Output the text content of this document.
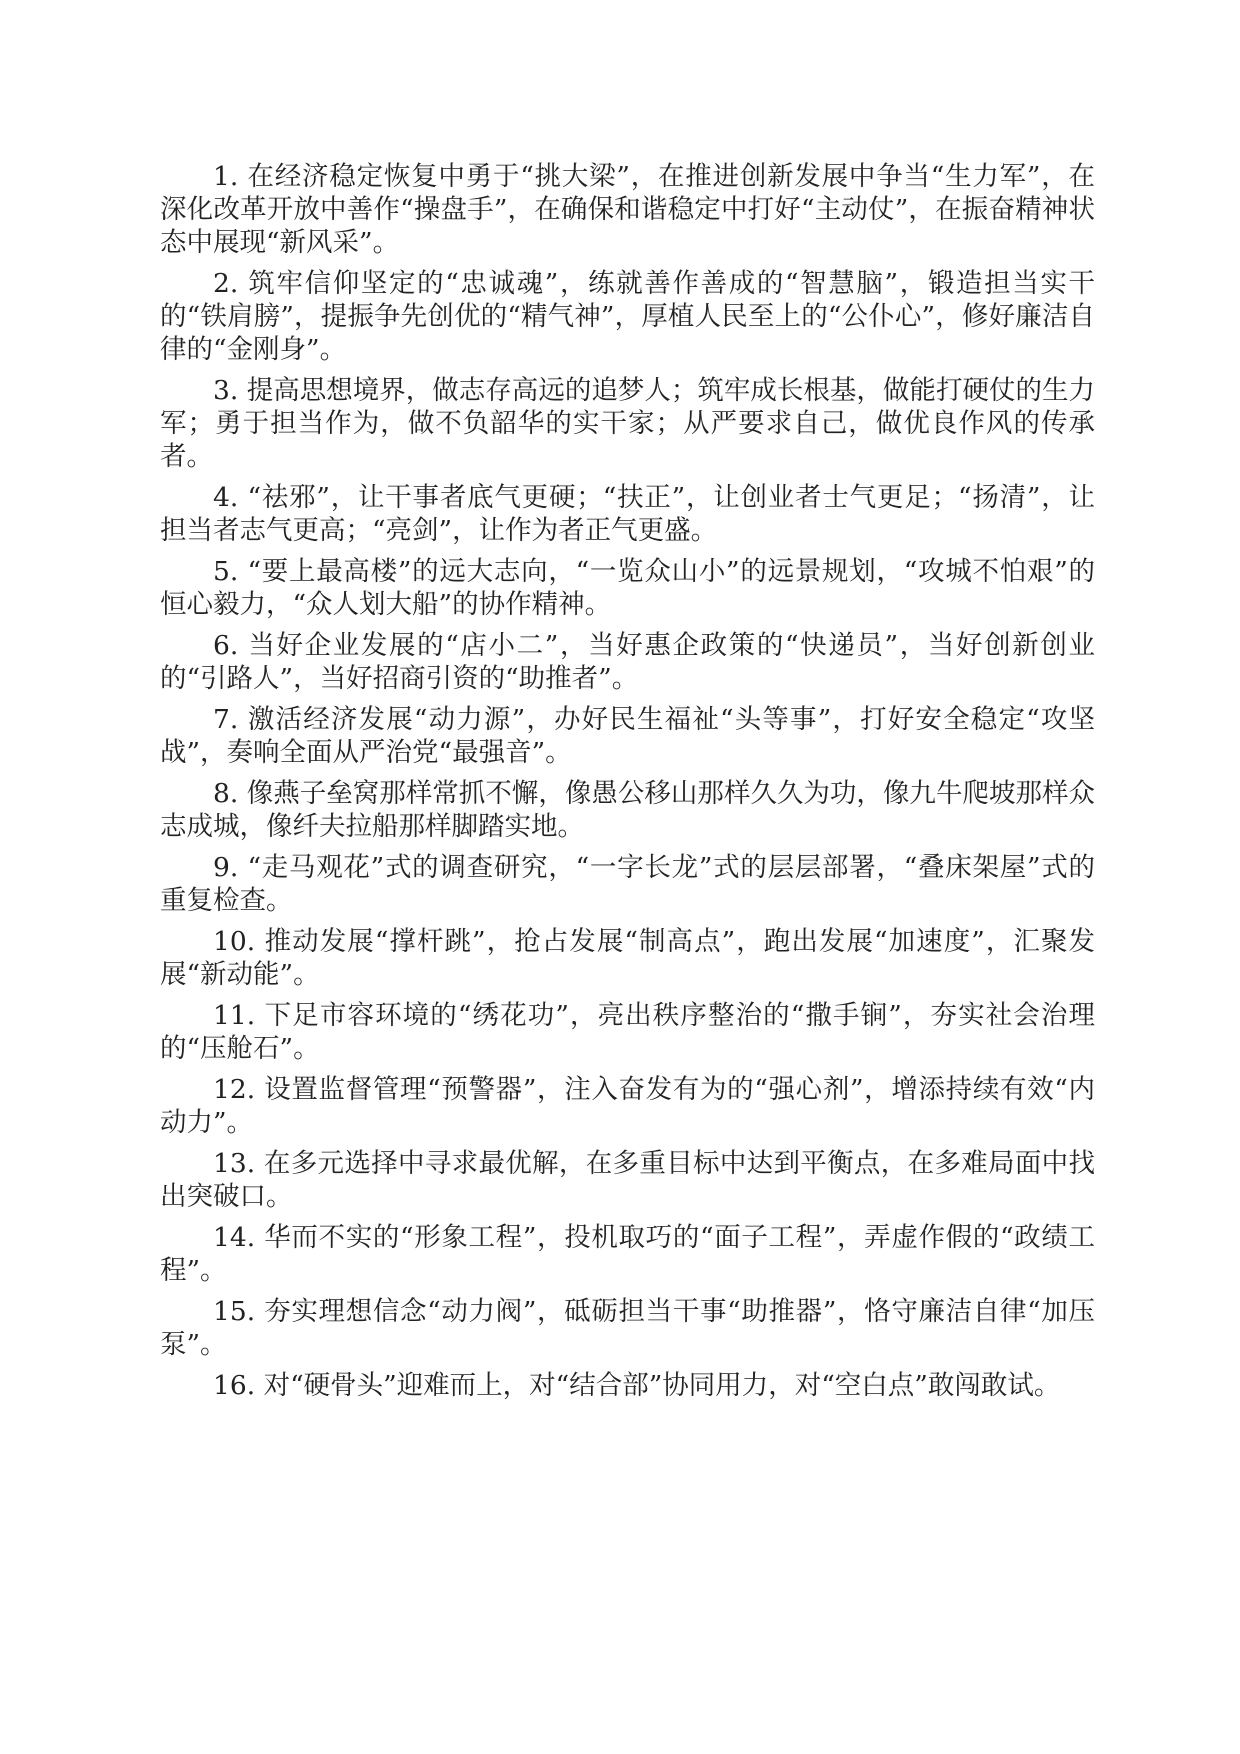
1. 在经济稳定恢复中勇于“挑大梁”，在推进创新发展中争当“生力军”，在深化改革开放中善作“操盘手”，在确保和谐稳定中打好“主动仗”，在振奋精神状态中展现“新风采”。

2. 筑牢信仰坚定的“忠诚魂”，练就善作善成的“智慧脑”，锻造担当实干的“铁肩膀”，提振争先创优的“精气神”，厚植人民至上的“公仆心”，修好廉洁自律的“金刚身”。

3. 提高思想境界，做志存高远的追梦人；筑牢成长根基，做能打硬仗的生力军；勇于担当作为，做不负韶华的实干家；从严要求自己，做优良作风的传承者。

4. “祛邪”，让干事者底气更硬；“扶正”，让创业者士气更足；“扬清”，让担当者志气更高；“亮剑”，让作为者正气更盛。

5. “要上最高楼”的远大志向，“一览众山小”的远景规划，“攻城不怕艰”的恒心毅力，“众人划大船”的协作精神。

6. 当好企业发展的“店小二”，当好惠企政策的“快递员”，当好创新创业的“引路人”，当好招商引资的“助推者”。

7. 激活经济发展“动力源”，办好民生福祉“头等事”，打好安全稳定“攻坚战”，奏响全面从严治党“最强音”。

8. 像燕子垒窝那样常抓不懈，像愚公移山那样久久为功，像九牛爬坡那样众志成城，像纤夫拉船那样脚踏实地。

9. “走马观花”式的调查研究，“一字长龙”式的层层部署，“叠床架屋”式的重复检查。

10. 推动发展“撑杆跳”，抢占发展“制高点”，跑出发展“加速度”，汇聚发展“新动能”。

11. 下足市容环境的“绣花功”，亮出秩序整治的“撒手锏”，夯实社会治理的“压舱石”。

12. 设置监督管理“预警器”，注入奋发有为的“强心剂”，增添持续有效“内动力”。

13. 在多元选择中寻求最优解，在多重目标中达到平衡点，在多难局面中找出突破口。

14. 华而不实的“形象工程”，投机取巧的“面子工程”，弄虚作假的“政绩工程”。

15. 夯实理想信念“动力阀”，砥砺担当干事“助推器”，恪守廉洁自律“加压泵”。

16. 对“硬骨头”迎难而上，对“结合部”协同用力，对“空白点”敢闯敢试。
